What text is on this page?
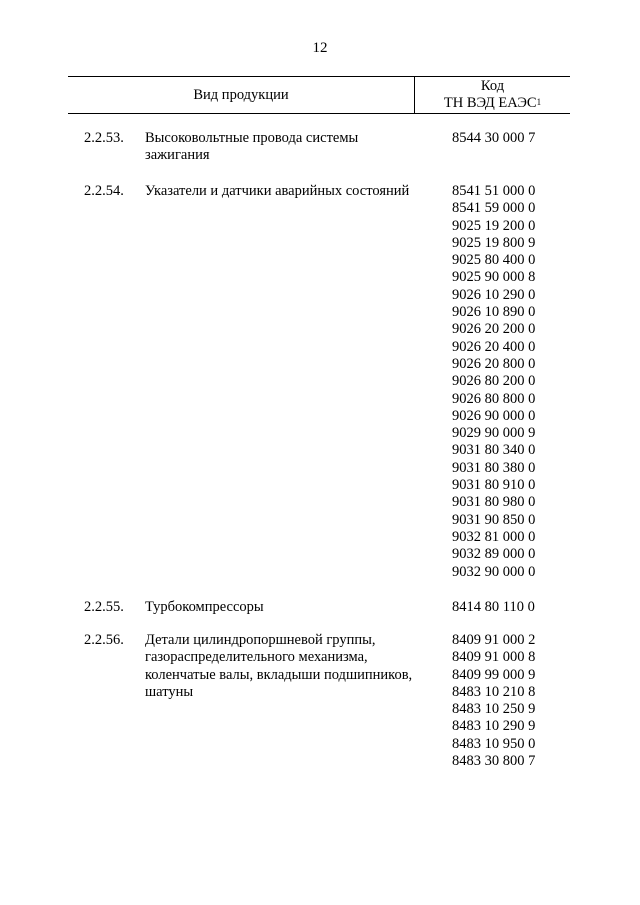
12
Вид продукции
Код
ТН ВЭД ЕАЭС$^1$
2.2.53. Высоковольтные провода системы зажигания
8544 30 000 7
2.2.54. Указатели и датчики аварийных состояний	8541 51 000 0
8541 59 000 0
9025 19 200 0
9025 19 800 9
9025 80 400 0
9025 90 000 8
9026 10 290 0
9026 10 890 0
9026 20 200 0
9026 20 400 0
9026 20 800 0
9026 80 200 0
9026 80 800 0
9026 90 000 0
9029 90 000 9
9031 80 340 0
9031 80 380 0
9031 80 910 0
9031 80 980 0
9031 90 850 0
9032 81 000 0
9032 89 000 0
9032 90 000 0
2.2.55. Турбокомпрессоры	8414 80 110 0
2.2.56. Детали цилиндропоршневой группы, газораспределительного механизма, коленчатые валы, вкладыши подшипников, шатуны
8409 91 000 2
8409 91 000 8
8409 99 000 9
8483 10 210 8
8483 10 250 9
8483 10 290 9
8483 10 950 0
8483 30 800 7
